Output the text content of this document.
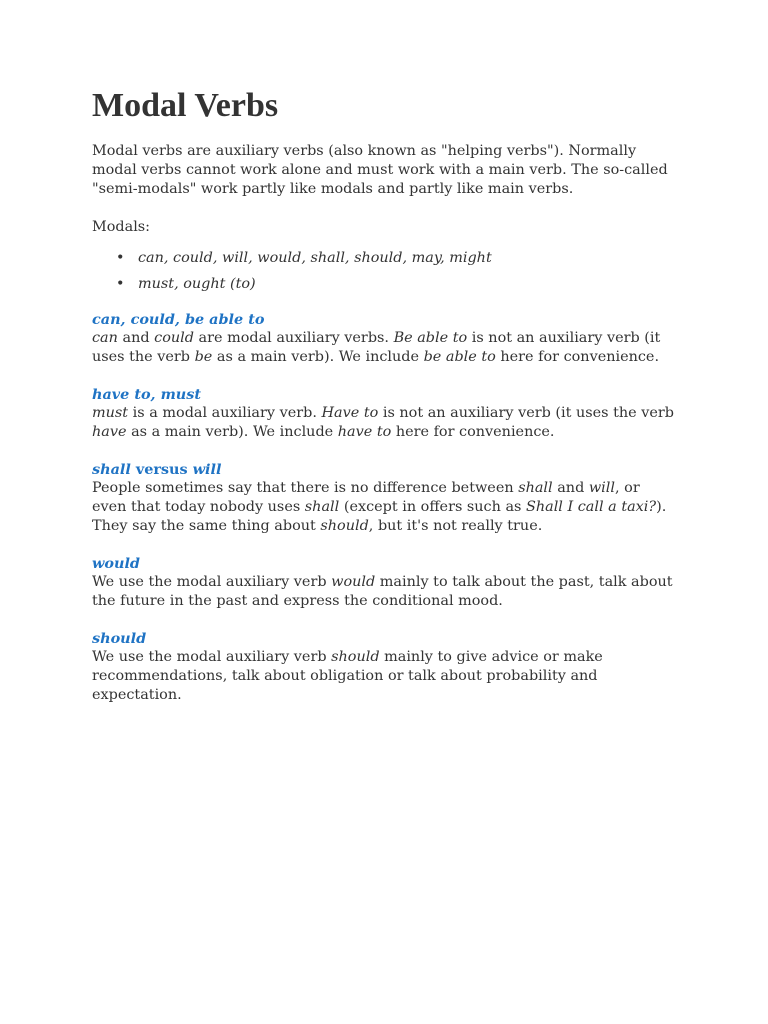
Modal Verbs

Modal verbs are auxiliary verbs (also known as "helping verbs"). Normally modal verbs cannot work alone and must work with a main verb. The so-called "semi-modals" work partly like modals and partly like main verbs.

Modals:

• can, could, will, would, shall, should, may, might
• must, ought (to)
can, could, be able to

can and could are modal auxiliary verbs. Be able to is not an auxiliary verb (it uses the verb be as a main verb). We include be able to here for convenience.

have to, must

must is a modal auxiliary verb. Have to is not an auxiliary verb (it uses the verb have as a main verb). We include have to here for convenience.

shall versus will

People sometimes say that there is no difference between shall and will, or even that today nobody uses shall (except in offers such as Shall I call a taxi?). They say the same thing about should, but it's not really true.

would

We use the modal auxiliary verb would mainly to talk about the past, talk about the future in the past and express the conditional mood.

should

We use the modal auxiliary verb should mainly to give advice or make recommendations, talk about obligation or talk about probability and expectation.
